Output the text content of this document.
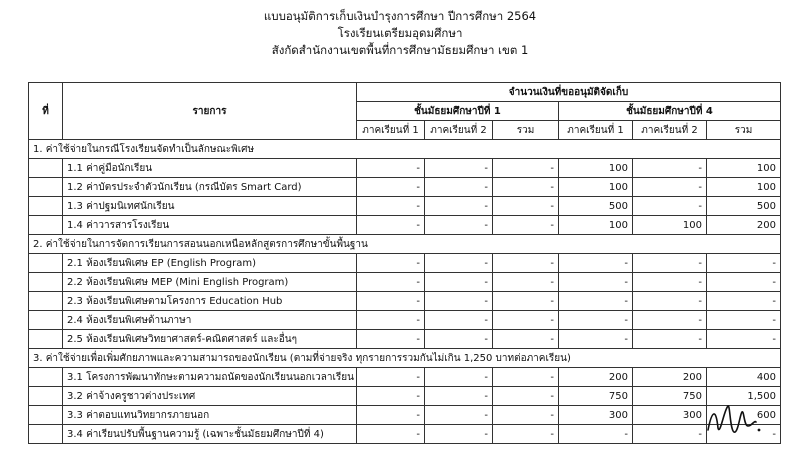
แบบอนุมัติการเก็บเงินบำรุงการศึกษา ปีการศึกษา 2564
โรงเรียนเตรียมอุดมศึกษา
สังกัดสำนักงานเขตพื้นที่การศึกษามัธยมศึกษา เขต 1
ที่	รายการ	จำนวนเงินที่ขออนุมัติจัดเก็บ					
		ชั้นมัธยมศึกษาปีที่ 1			ชั้นมัธยมศึกษาปีที่ 4		
		ภาคเรียนที่ 1	ภาคเรียนที่ 2	รวม	ภาคเรียนที่ 1	ภาคเรียนที่ 2	รวม
1. ค่าใช้จ่ายในกรณีโรงเรียนจัดทำเป็นลักษณะพิเศษ							
	1.1 ค่าคู่มือนักเรียน	-	-	-	100	-	100
	1.2 ค่าบัตรประจำตัวนักเรียน (กรณีบัตร Smart Card)	-	-	-	100	-	100
	1.3 ค่าปฐมนิเทศนักเรียน	-	-	-	500	-	500
	1.4 ค่าวารสารโรงเรียน	-	-	-	100	100	200
2. ค่าใช้จ่ายในการจัดการเรียนการสอนนอกเหนือหลักสูตรการศึกษาขั้นพื้นฐาน							
	2.1 ห้องเรียนพิเศษ EP (English Program)	-	-	-	-	-	-
	2.2 ห้องเรียนพิเศษ MEP (Mini English Program)	-	-	-	-	-	-
	2.3 ห้องเรียนพิเศษตามโครงการ Education Hub	-	-	-	-	-	-
	2.4 ห้องเรียนพิเศษด้านภาษา	-	-	-	-	-	-
	2.5 ห้องเรียนพิเศษวิทยาศาสตร์-คณิตศาสตร์ และอื่นๆ	-	-	-	-	-	-
3. ค่าใช้จ่ายเพื่อเพิ่มศักยภาพและความสามารถของนักเรียน (ตามที่จ่ายจริง ทุกรายการรวมกันไม่เกิน 1,250 บาทต่อภาคเรียน)							
	3.1 โครงการพัฒนาทักษะตามความถนัดของนักเรียนนอกเวลาเรียน	-	-	-	200	200	400
	3.2 ค่าจ้างครูชาวต่างประเทศ	-	-	-	750	750	1,500
	3.3 ค่าตอบแทนวิทยากรภายนอก	-	-	-	300	300	600
	3.4 ค่าเรียนปรับพื้นฐานความรู้ (เฉพาะชั้นมัธยมศึกษาปีที่ 4)	-	-	-	-	-	-
